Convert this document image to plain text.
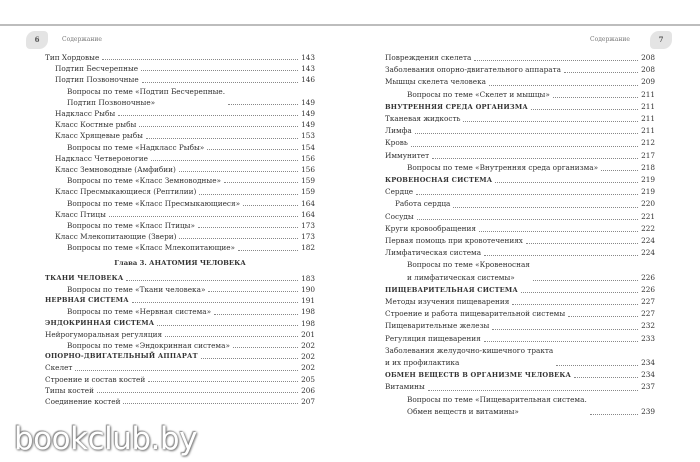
6	Содержание
Тип Хордовые	143
Подтип Бесчерепные	143
Подтип Позвоночные	146
Вопросы по теме «Подтип Бесчерепные.
Подтип Позвоночные»	149
Надкласс Рыбы	149
Класс Костные рыбы	149
Класс Хрящевые рыбы	153
Вопросы по теме «Надкласс Рыбы»	154
Надкласс Четвероногие	156
Класс Земноводные (Амфибии)	156
Вопросы по теме «Класс Земноводные»	159
Класс Пресмыкающиеся (Рептилии)	159
Вопросы по теме «Класс Пресмыкающиеся»	164
Класс Птицы	164
Вопросы по теме «Класс Птицы»	173
Класс Млекопитающие (Звери)	173
Вопросы по теме «Класс Млекопитающие»	182
Глава 3. АНАТОМИЯ ЧЕЛОВЕКА
ТКАНИ ЧЕЛОВЕКА	183
Вопросы по теме «Ткани человека»	190
НЕРВНАЯ СИСТЕМА	191
Вопросы по теме «Нервная система»	198
ЭНДОКРИННАЯ СИСТЕМА	198
Нейрогуморальная регуляция	201
Вопросы по теме «Эндокринная система»	202
ОПОРНО-ДВИГАТЕЛЬНЫЙ АППАРАТ	202
Скелет	202
Строение и состав костей	205
Типы костей	206
Соединение костей	207
Содержание	7
Повреждения скелета	208
Заболевания опорно-двигательного аппарата	208
Мышцы скелета человека	209
Вопросы по теме «Скелет и мышцы»	211
ВНУТРЕННЯЯ СРЕДА ОРГАНИЗМА	211
Тканевая жидкость	211
Лимфа	211
Кровь	212
Иммунитет	217
Вопросы по теме «Внутренняя среда организма»	218
КРОВЕНОСНАЯ СИСТЕМА	219
Сердце	219
Работа сердца	220
Сосуды	221
Круги кровообращения	222
Первая помощь при кровотечениях	224
Лимфатическая система	224
Вопросы по теме «Кровеносная
и лимфатическая системы»	226
ПИЩЕВАРИТЕЛЬНАЯ СИСТЕМА	226
Методы изучения пищеварения	227
Строение и работа пищеварительной системы	227
Пищеварительные железы	232
Регуляция пищеварения	233
Заболевания желудочно-кишечного тракта
и их профилактика	234
ОБМЕН ВЕЩЕСТВ В ОРГАНИЗМЕ ЧЕЛОВЕКА	234
Витамины	237
Вопросы по теме «Пищеварительная система.
Обмен веществ и витамины»	239
bookclub.by
